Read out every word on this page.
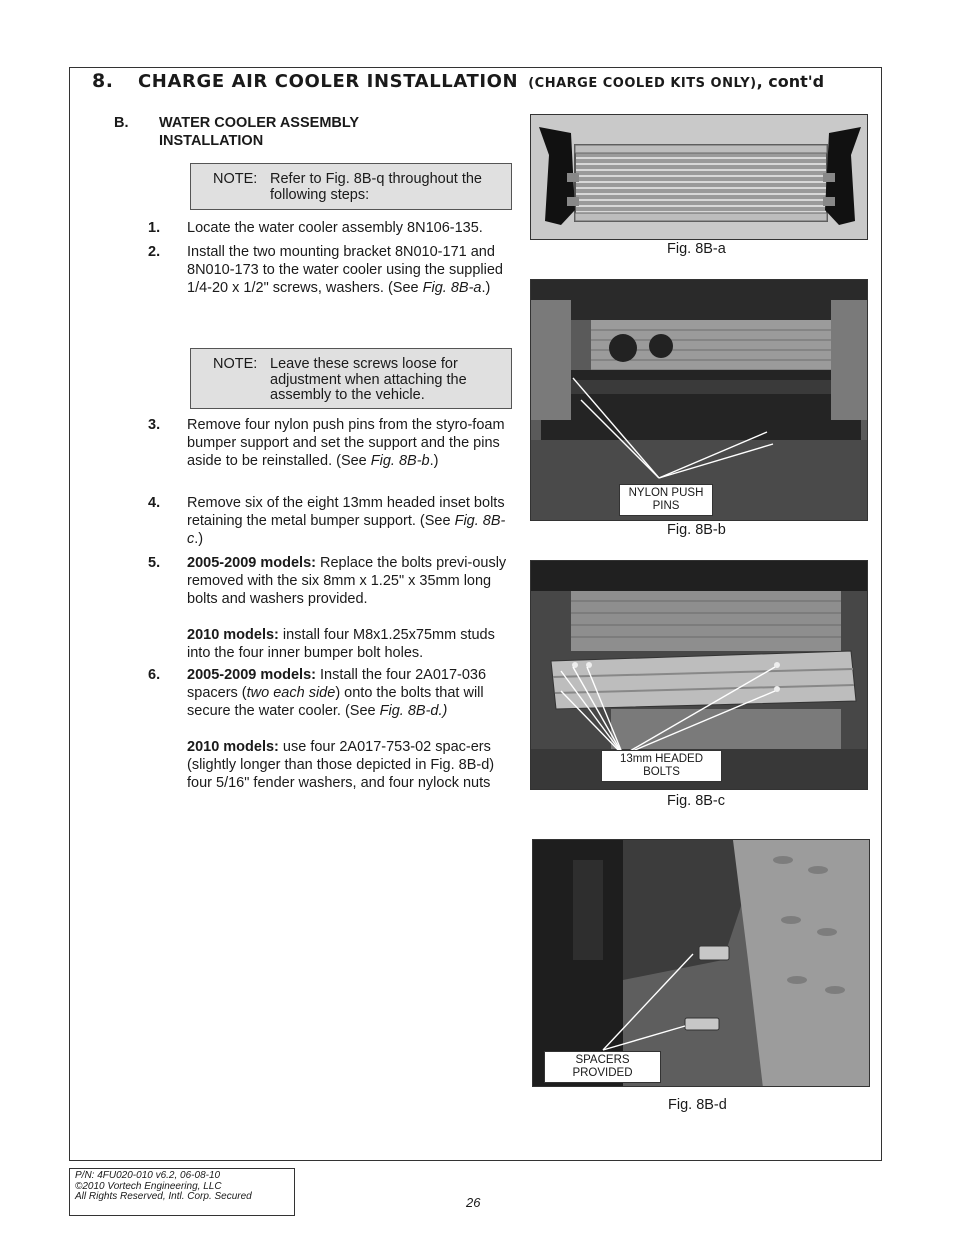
8. CHARGE AIR COOLER INSTALLATION (CHARGE COOLED KITS ONLY), cont'd
B. WATER COOLER ASSEMBLY INSTALLATION
NOTE: Refer to Fig. 8B-q throughout the following steps:
1. Locate the water cooler assembly 8N106-135.
2. Install the two mounting bracket 8N010-171 and 8N010-173 to the water cooler using the supplied 1/4-20 x 1/2" screws, washers. (See Fig. 8B-a.)
NOTE: Leave these screws loose for adjustment when attaching the assembly to the vehicle.
3. Remove four nylon push pins from the styro-foam bumper support and set the support and the pins aside to be reinstalled. (See Fig. 8B-b.)
4. Remove six of the eight 13mm headed inset bolts retaining the metal bumper support. (See Fig. 8B-c.)
5. 2005-2009 models: Replace the bolts previ-ously removed with the six 8mm x 1.25" x 35mm long bolts and washers provided.
2010 models: install four M8x1.25x75mm studs into the four inner bumper bolt holes.
6. 2005-2009 models: Install the four 2A017-036 spacers (two each side) onto the bolts that will secure the water cooler. (See Fig. 8B-d.)
2010 models: use four 2A017-753-02 spac-ers (slightly longer than those depicted in Fig. 8B-d) four 5/16" fender washers, and four nylock nuts
Fig. 8B-a
NYLON PUSH PINS
Fig. 8B-b
13mm HEADED BOLTS
Fig. 8B-c
SPACERS PROVIDED
Fig. 8B-d
P/N: 4FU020-010 v6.2, 06-08-10
©2010 Vortech Engineering, LLC
All Rights Reserved, Intl. Corp. Secured	26
